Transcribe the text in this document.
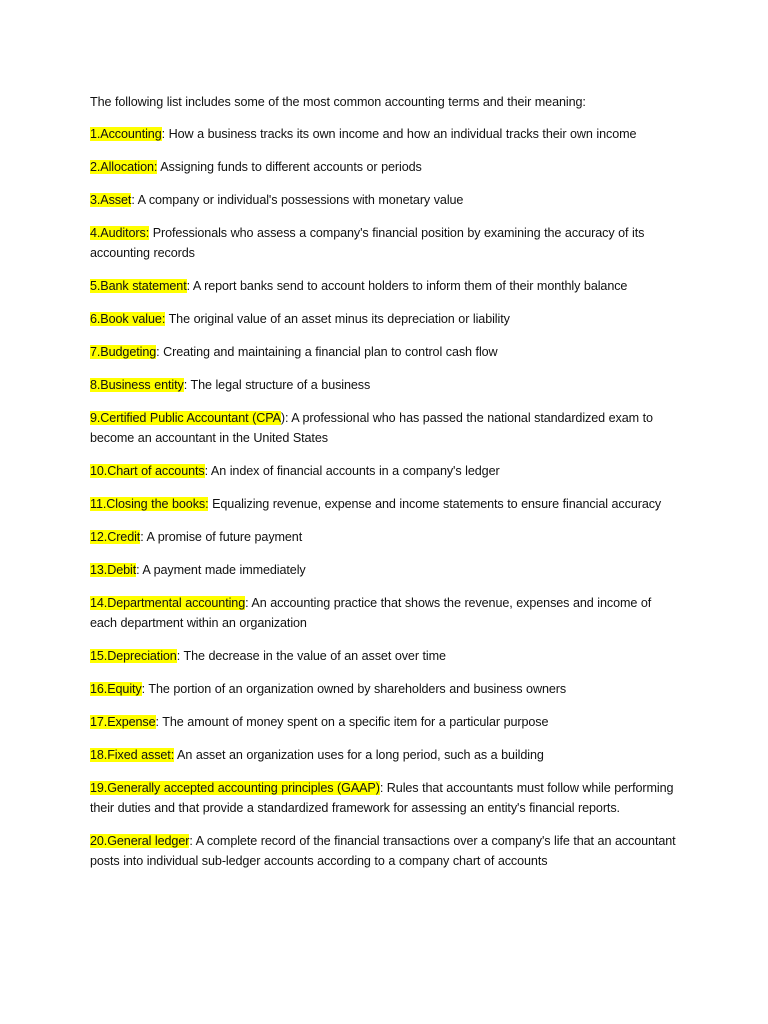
The following list includes some of the most common accounting terms and their meaning:

1.Accounting: How a business tracks its own income and how an individual tracks their own income

2.Allocation: Assigning funds to different accounts or periods

3.Asset: A company or individual's possessions with monetary value

4.Auditors: Professionals who assess a company's financial position by examining the accuracy of its accounting records

5.Bank statement: A report banks send to account holders to inform them of their monthly balance

6.Book value: The original value of an asset minus its depreciation or liability

7.Budgeting: Creating and maintaining a financial plan to control cash flow

8.Business entity: The legal structure of a business

9.Certified Public Accountant (CPA): A professional who has passed the national standardized exam to become an accountant in the United States

10.Chart of accounts: An index of financial accounts in a company's ledger

11.Closing the books: Equalizing revenue, expense and income statements to ensure financial accuracy

12.Credit: A promise of future payment

13.Debit: A payment made immediately

14.Departmental accounting: An accounting practice that shows the revenue, expenses and income of each department within an organization

15.Depreciation: The decrease in the value of an asset over time

16.Equity: The portion of an organization owned by shareholders and business owners

17.Expense: The amount of money spent on a specific item for a particular purpose

18.Fixed asset: An asset an organization uses for a long period, such as a building

19.Generally accepted accounting principles (GAAP): Rules that accountants must follow while performing their duties and that provide a standardized framework for assessing an entity's financial reports.

20.General ledger: A complete record of the financial transactions over a company's life that an accountant posts into individual sub-ledger accounts according to a company chart of accounts
